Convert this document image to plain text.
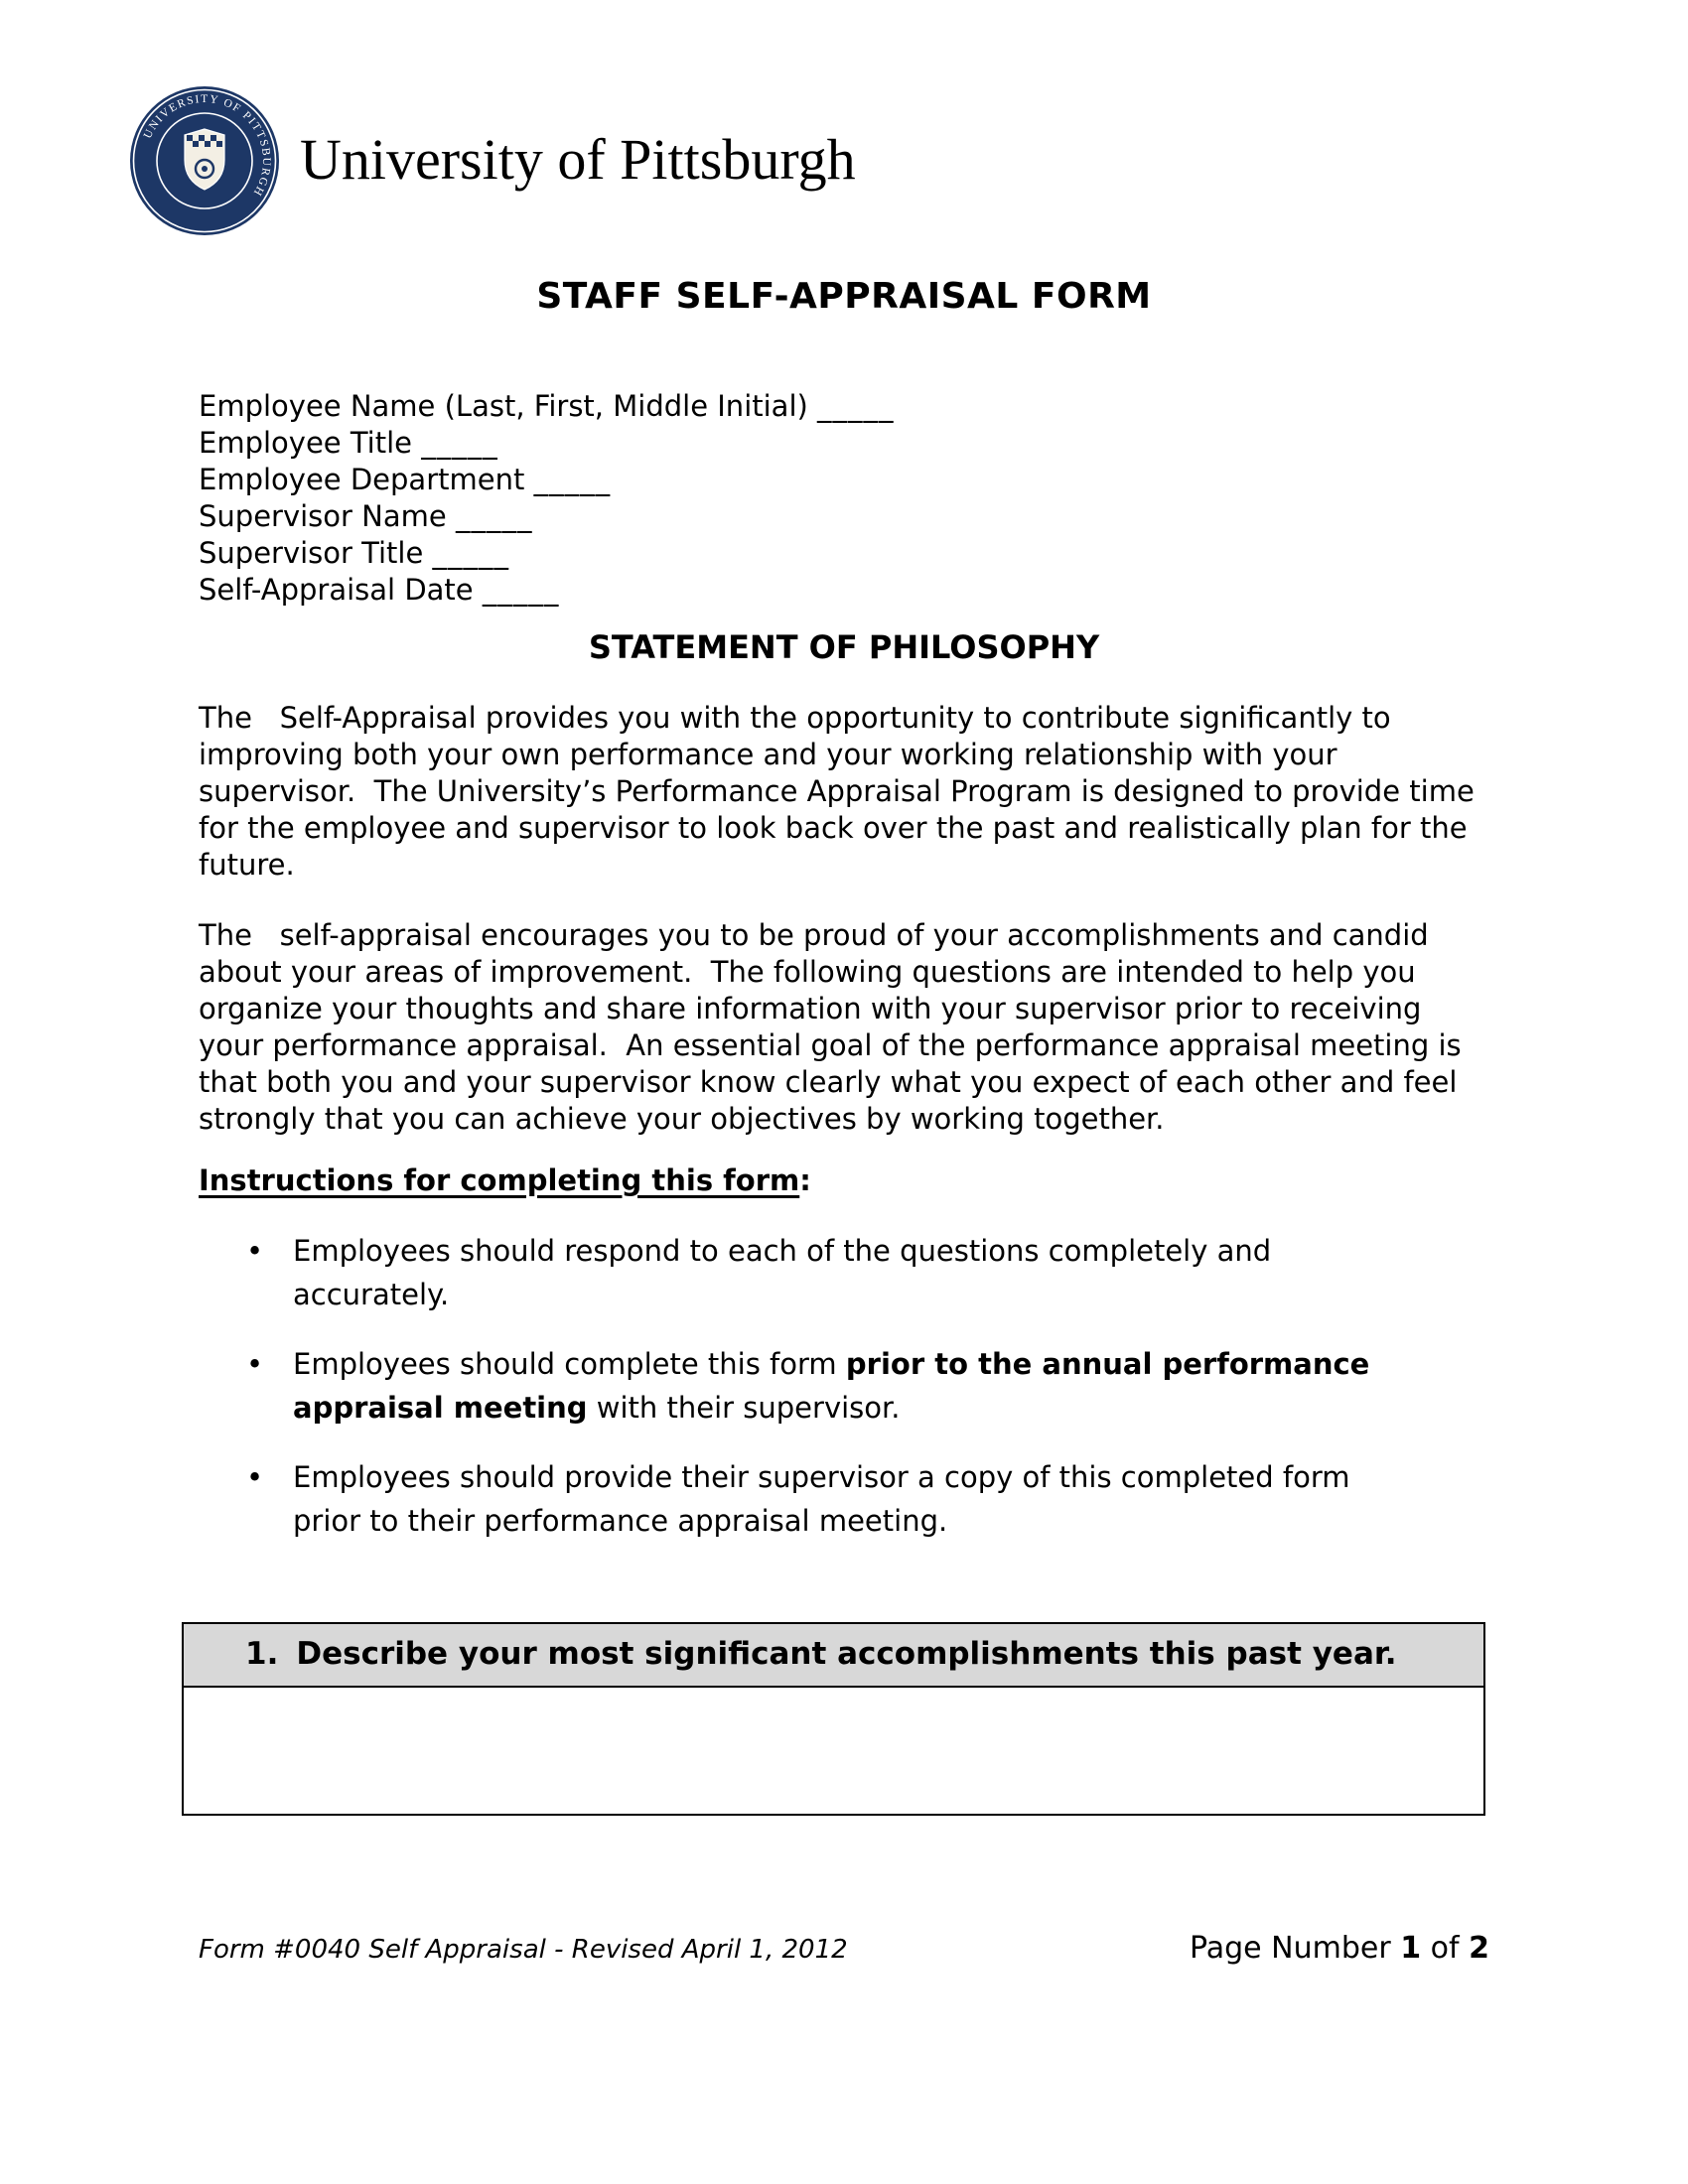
UNIVERSITY OF PITTSBURGH
University of Pittsburgh
STAFF SELF-APPRAISAL FORM
Employee Name (Last, First, Middle Initial) _____
Employee Title _____
Employee Department _____
Supervisor Name _____
Supervisor Title _____
Self-Appraisal Date _____
STATEMENT OF PHILOSOPHY

The   Self-Appraisal provides you with the opportunity to contribute significantly to improving both your own performance and your working relationship with your supervisor.  The University’s Performance Appraisal Program is designed to provide time for the employee and supervisor to look back over the past and realistically plan for the future.

The   self-appraisal encourages you to be proud of your accomplishments and candid about your areas of improvement.  The following questions are intended to help you organize your thoughts and share information with your supervisor prior to receiving your performance appraisal.  An essential goal of the performance appraisal meeting is that both you and your supervisor know clearly what you expect of each other and feel strongly that you can achieve your objectives by working together.

Instructions for completing this form:
• Employees should respond to each of the questions completely and accurately.
• Employees should complete this form prior to the annual performance appraisal meeting with their supervisor.
• Employees should provide their supervisor a copy of this completed form prior to their performance appraisal meeting.
1. Describe your most significant accomplishments this past year.
Form #0040 Self Appraisal - Revised April 1, 2012	Page Number 1 of 2
